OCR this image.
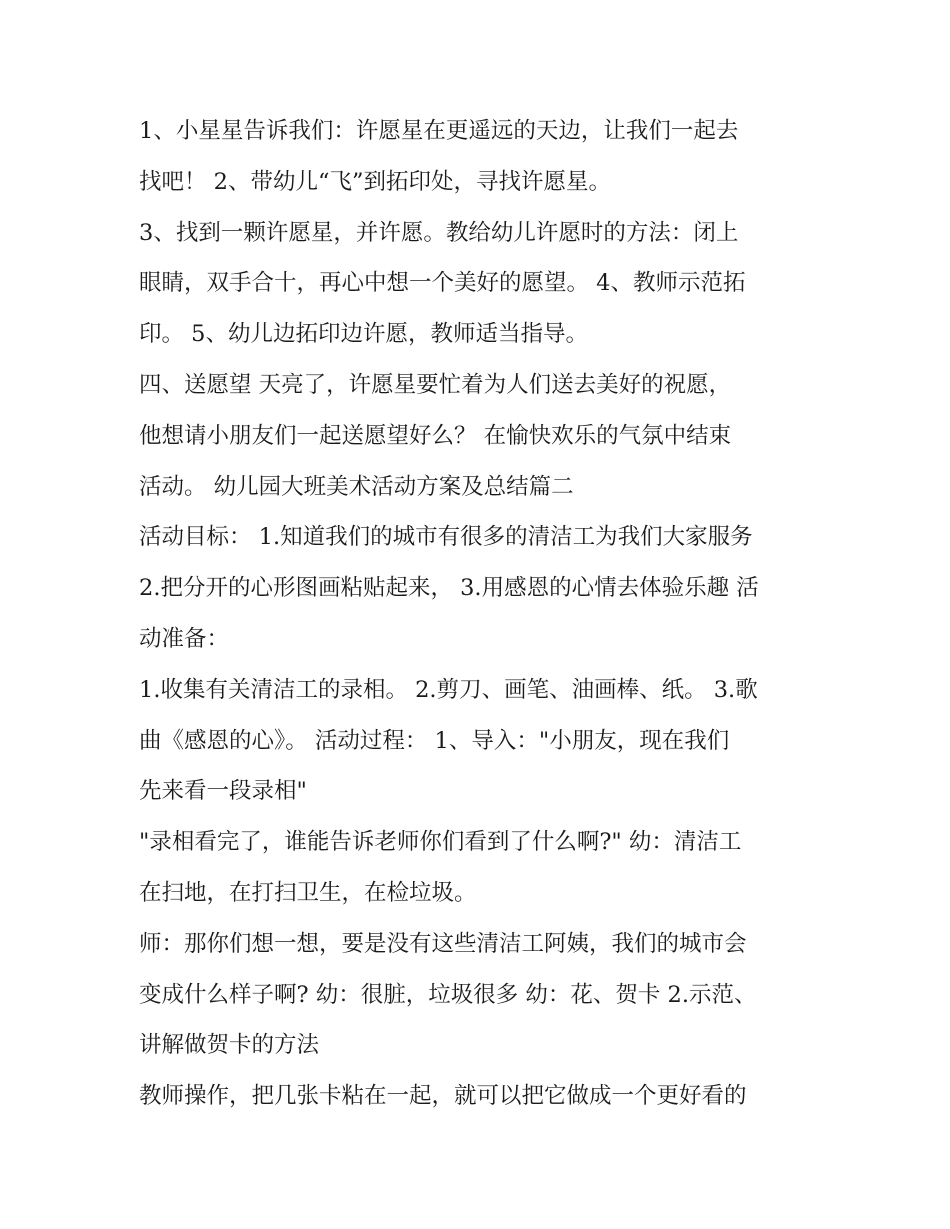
1、小星星告诉我们：许愿星在更遥远的天边，让我们一起去
找吧！ 2、带幼儿“飞”到拓印处，寻找许愿星。
3、找到一颗许愿星，并许愿。教给幼儿许愿时的方法：闭上
眼睛，双手合十，再心中想一个美好的愿望。 4、教师示范拓
印。 5、幼儿边拓印边许愿，教师适当指导。
四、送愿望 天亮了，许愿星要忙着为人们送去美好的祝愿，
他想请小朋友们一起送愿望好么？ 在愉快欢乐的气氛中结束
活动。 幼儿园大班美术活动方案及总结篇二
活动目标： 1.知道我们的城市有很多的清洁工为我们大家服务
2.把分开的心形图画粘贴起来， 3.用感恩的心情去体验乐趣 活
动准备：
1.收集有关清洁工的录相。 2.剪刀、画笔、油画棒、纸。 3.歌
曲《感恩的心》。 活动过程： 1、导入："小朋友，现在我们
先来看一段录相"
"录相看完了，谁能告诉老师你们看到了什么啊?" 幼：清洁工
在扫地，在打扫卫生，在检垃圾。
师：那你们想一想，要是没有这些清洁工阿姨，我们的城市会
变成什么样子啊? 幼：很脏，垃圾很多 幼：花、贺卡 2.示范、
讲解做贺卡的方法
教师操作，把几张卡粘在一起，就可以把它做成一个更好看的
